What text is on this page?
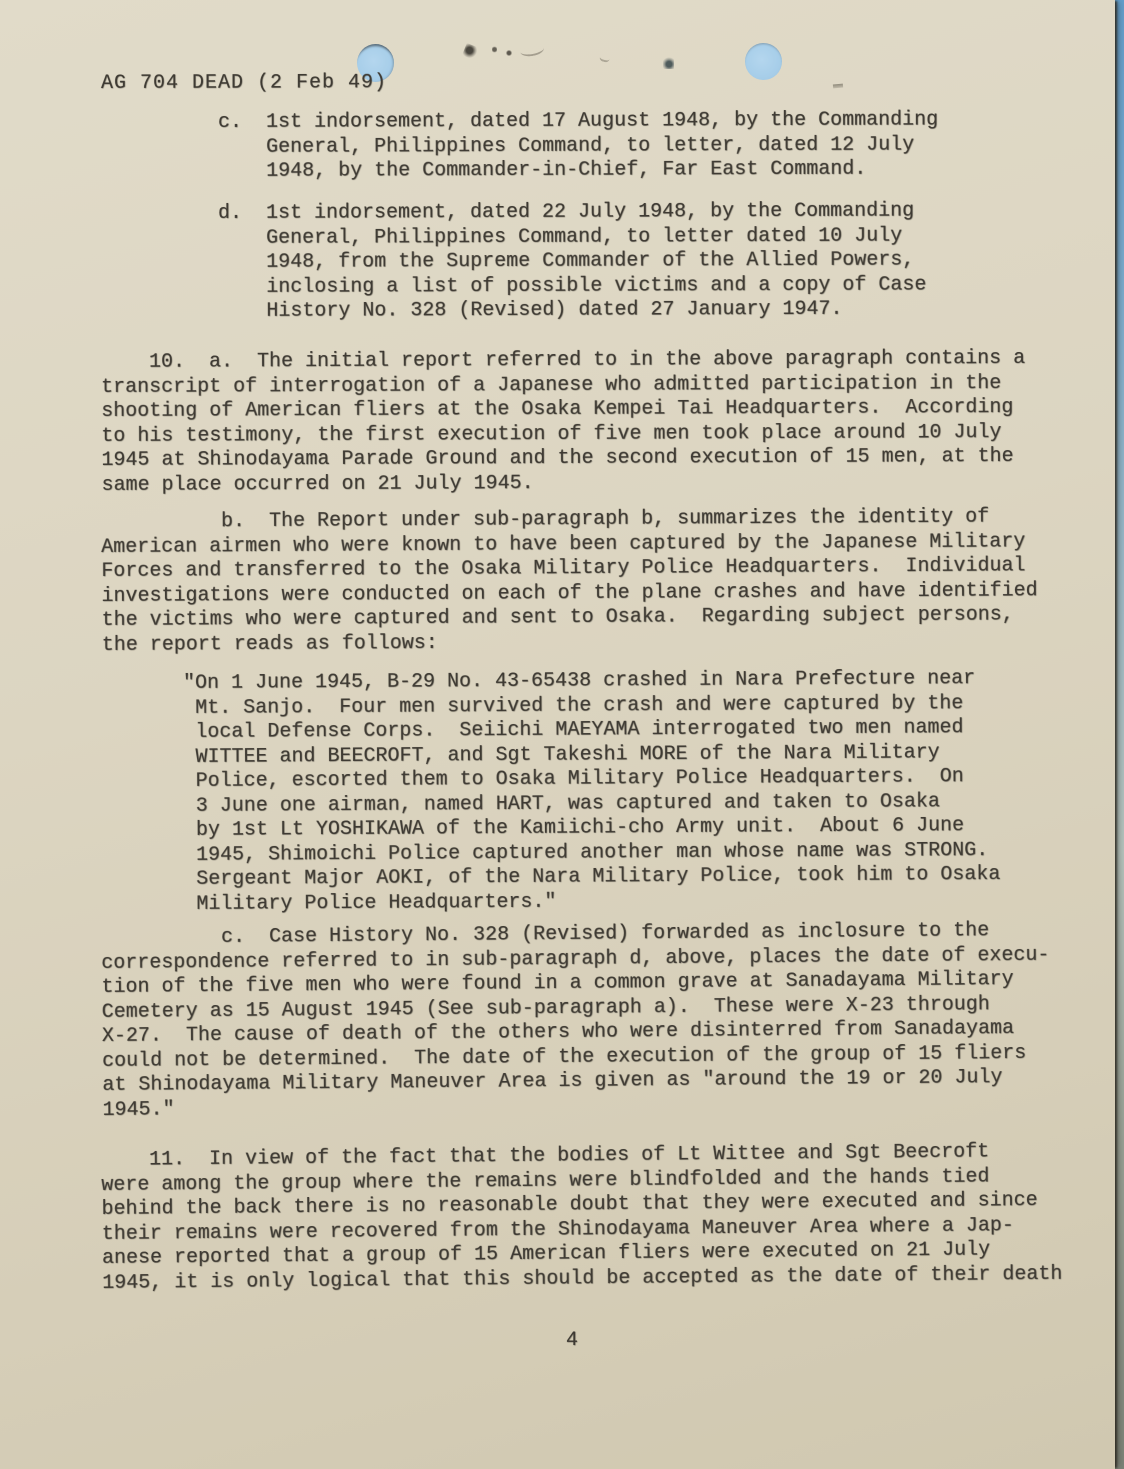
AG 704 DEAD (2 Feb 49)
c.  1st indorsement, dated 17 August 1948, by the Commanding
General, Philippines Command, to letter, dated 12 July
1948, by the Commander-in-Chief, Far East Command.
d.  1st indorsement, dated 22 July 1948, by the Commanding
General, Philippines Command, to letter dated 10 July
1948, from the Supreme Commander of the Allied Powers,
inclosing a list of possible victims and a copy of Case
History No. 328 (Revised) dated 27 January 1947.
10.  a.  The initial report referred to in the above paragraph contains a
transcript of interrogation of a Japanese who admitted participation in the
shooting of American fliers at the Osaka Kempei Tai Headquarters.  According
to his testimony, the first execution of five men took place around 10 July
1945 at Shinodayama Parade Ground and the second execution of 15 men, at the
same place occurred on 21 July 1945.
b.  The Report under sub-paragraph b, summarizes the identity of
American airmen who were known to have been captured by the Japanese Military
Forces and transferred to the Osaka Military Police Headquarters.  Individual
investigations were conducted on each of the plane crashes and have identified
the victims who were captured and sent to Osaka.  Regarding subject persons,
the report reads as follows:
"On 1 June 1945, B-29 No. 43-65438 crashed in Nara Prefecture near
Mt. Sanjo.  Four men survived the crash and were captured by the
local Defense Corps.  Seiichi MAEYAMA interrogated two men named
WITTEE and BEECROFT, and Sgt Takeshi MORE of the Nara Military
Police, escorted them to Osaka Military Police Headquarters.  On
3 June one airman, named HART, was captured and taken to Osaka
by 1st Lt YOSHIKAWA of the Kamiichi-cho Army unit.  About 6 June
1945, Shimoichi Police captured another man whose name was STRONG.
Sergeant Major AOKI, of the Nara Military Police, took him to Osaka
Military Police Headquarters."
c.  Case History No. 328 (Revised) forwarded as inclosure to the
correspondence referred to in sub-paragraph d, above, places the date of execu-
tion of the five men who were found in a common grave at Sanadayama Military
Cemetery as 15 August 1945 (See sub-paragraph a).  These were X-23 through
X-27.  The cause of death of the others who were disinterred from Sanadayama
could not be determined.  The date of the execution of the group of 15 fliers
at Shinodayama Military Maneuver Area is given as "around the 19 or 20 July
1945."
11.  In view of the fact that the bodies of Lt Wittee and Sgt Beecroft
were among the group where the remains were blindfolded and the hands tied
behind the back there is no reasonable doubt that they were executed and since
their remains were recovered from the Shinodayama Maneuver Area where a Jap-
anese reported that a group of 15 American fliers were executed on 21 July
1945, it is only logical that this should be accepted as the date of their death
4
